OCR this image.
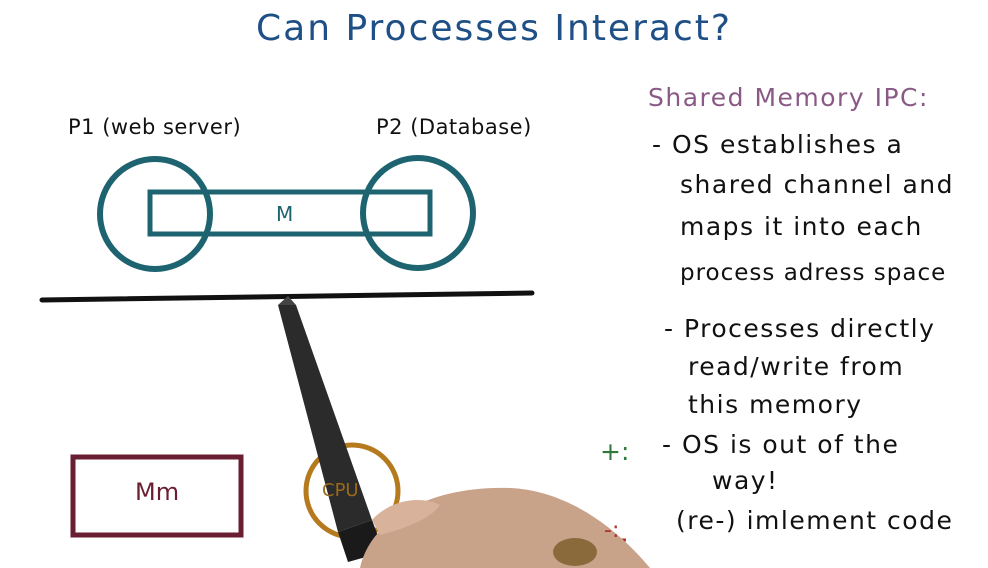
Can Processes Interact?
P1 (web server)	P2 (Database)
M
Mm	CPU
Shared Memory IPC:
- OS establishes a
shared channel and
maps it into each
process adress space
- Processes directly
read/write from
this memory
+: - OS is out of the
way!
-: (re-) imlement code
